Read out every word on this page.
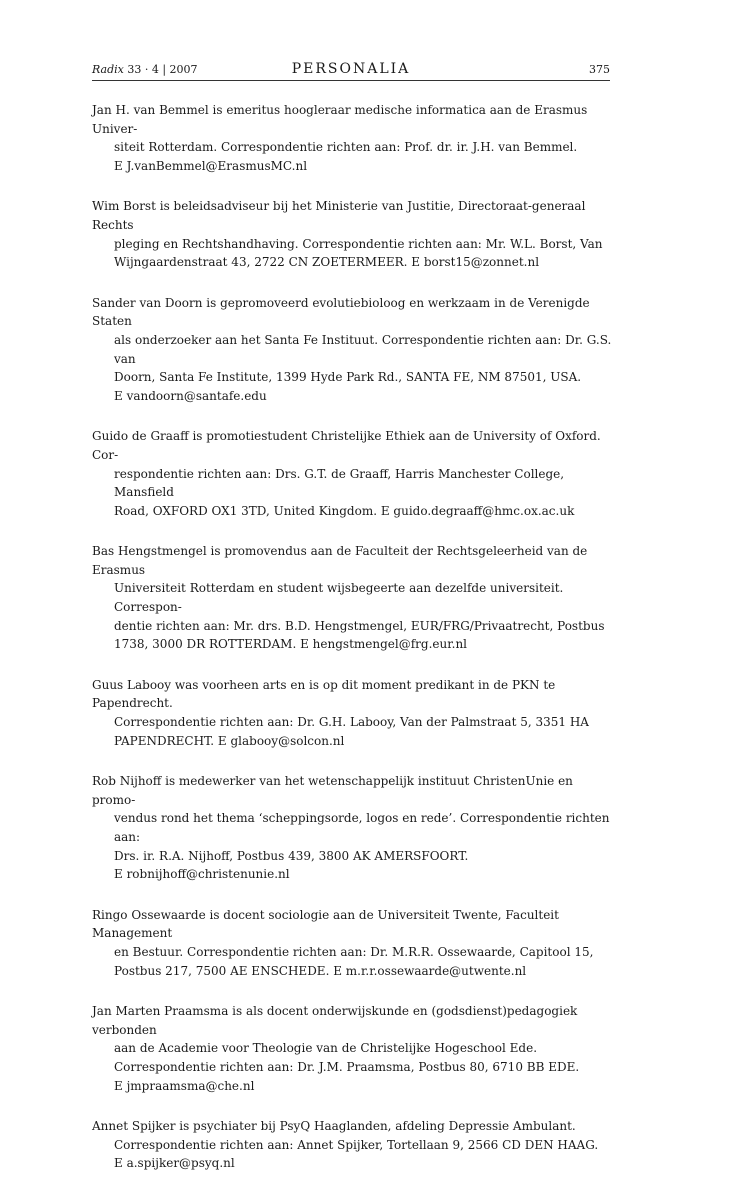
Radix 33 · 4 | 2007	PERSONALIA	375
Jan H. van Bemmel is emeritus hoogleraar medische informatica aan de Erasmus Univer-
siteit Rotterdam. Correspondentie richten aan: Prof. dr. ir. J.H. van Bemmel.
E J.vanBemmel@ErasmusMC.nl
Wim Borst is beleidsadviseur bij het Ministerie van Justitie, Directoraat-generaal Rechts
pleging en Rechtshandhaving. Correspondentie richten aan: Mr. W.L. Borst, Van
Wijngaardenstraat 43, 2722 CN ZOETERMEER. E borst15@zonnet.nl
Sander van Doorn is gepromoveerd evolutiebioloog en werkzaam in de Verenigde Staten
als onderzoeker aan het Santa Fe Instituut. Correspondentie richten aan: Dr. G.S. van
Doorn, Santa Fe Institute, 1399 Hyde Park Rd., SANTA FE, NM 87501, USA.
E vandoorn@santafe.edu
Guido de Graaff is promotiestudent Christelijke Ethiek aan de University of Oxford. Cor-
respondentie richten aan: Drs. G.T. de Graaff, Harris Manchester College, Mansfield
Road, OXFORD OX1 3TD, United Kingdom. E guido.degraaff@hmc.ox.ac.uk
Bas Hengstmengel is promovendus aan de Faculteit der Rechtsgeleerheid van de Erasmus
Universiteit Rotterdam en student wijsbegeerte aan dezelfde universiteit. Correspon-
dentie richten aan: Mr. drs. B.D. Hengstmengel, EUR/FRG/Privaatrecht, Postbus
1738, 3000 DR ROTTERDAM. E hengstmengel@frg.eur.nl
Guus Labooy was voorheen arts en is op dit moment predikant in de PKN te Papendrecht.
Correspondentie richten aan: Dr. G.H. Labooy, Van der Palmstraat 5, 3351 HA
PAPENDRECHT. E glabooy@solcon.nl
Rob Nijhoff is medewerker van het wetenschappelijk instituut ChristenUnie en promo-
vendus rond het thema ‘scheppingsorde, logos en rede’. Correspondentie richten aan:
Drs. ir. R.A. Nijhoff, Postbus 439, 3800 AK AMERSFOORT.
E robnijhoff@christenunie.nl
Ringo Ossewaarde is docent sociologie aan de Universiteit Twente, Faculteit Management
en Bestuur. Correspondentie richten aan: Dr. M.R.R. Ossewaarde, Capitool 15,
Postbus 217, 7500 AE ENSCHEDE. E m.r.r.ossewaarde@utwente.nl
Jan Marten Praamsma is als docent onderwijskunde en (godsdienst)pedagogiek verbonden
aan de Academie voor Theologie van de Christelijke Hogeschool Ede.
Correspondentie richten aan: Dr. J.M. Praamsma, Postbus 80, 6710 BB EDE.
E jmpraamsma@che.nl
Annet Spijker is psychiater bij PsyQ Haaglanden, afdeling Depressie Ambulant.
Correspondentie richten aan: Annet Spijker, Tortellaan 9, 2566 CD DEN HAAG.
E a.spijker@psyq.nl
